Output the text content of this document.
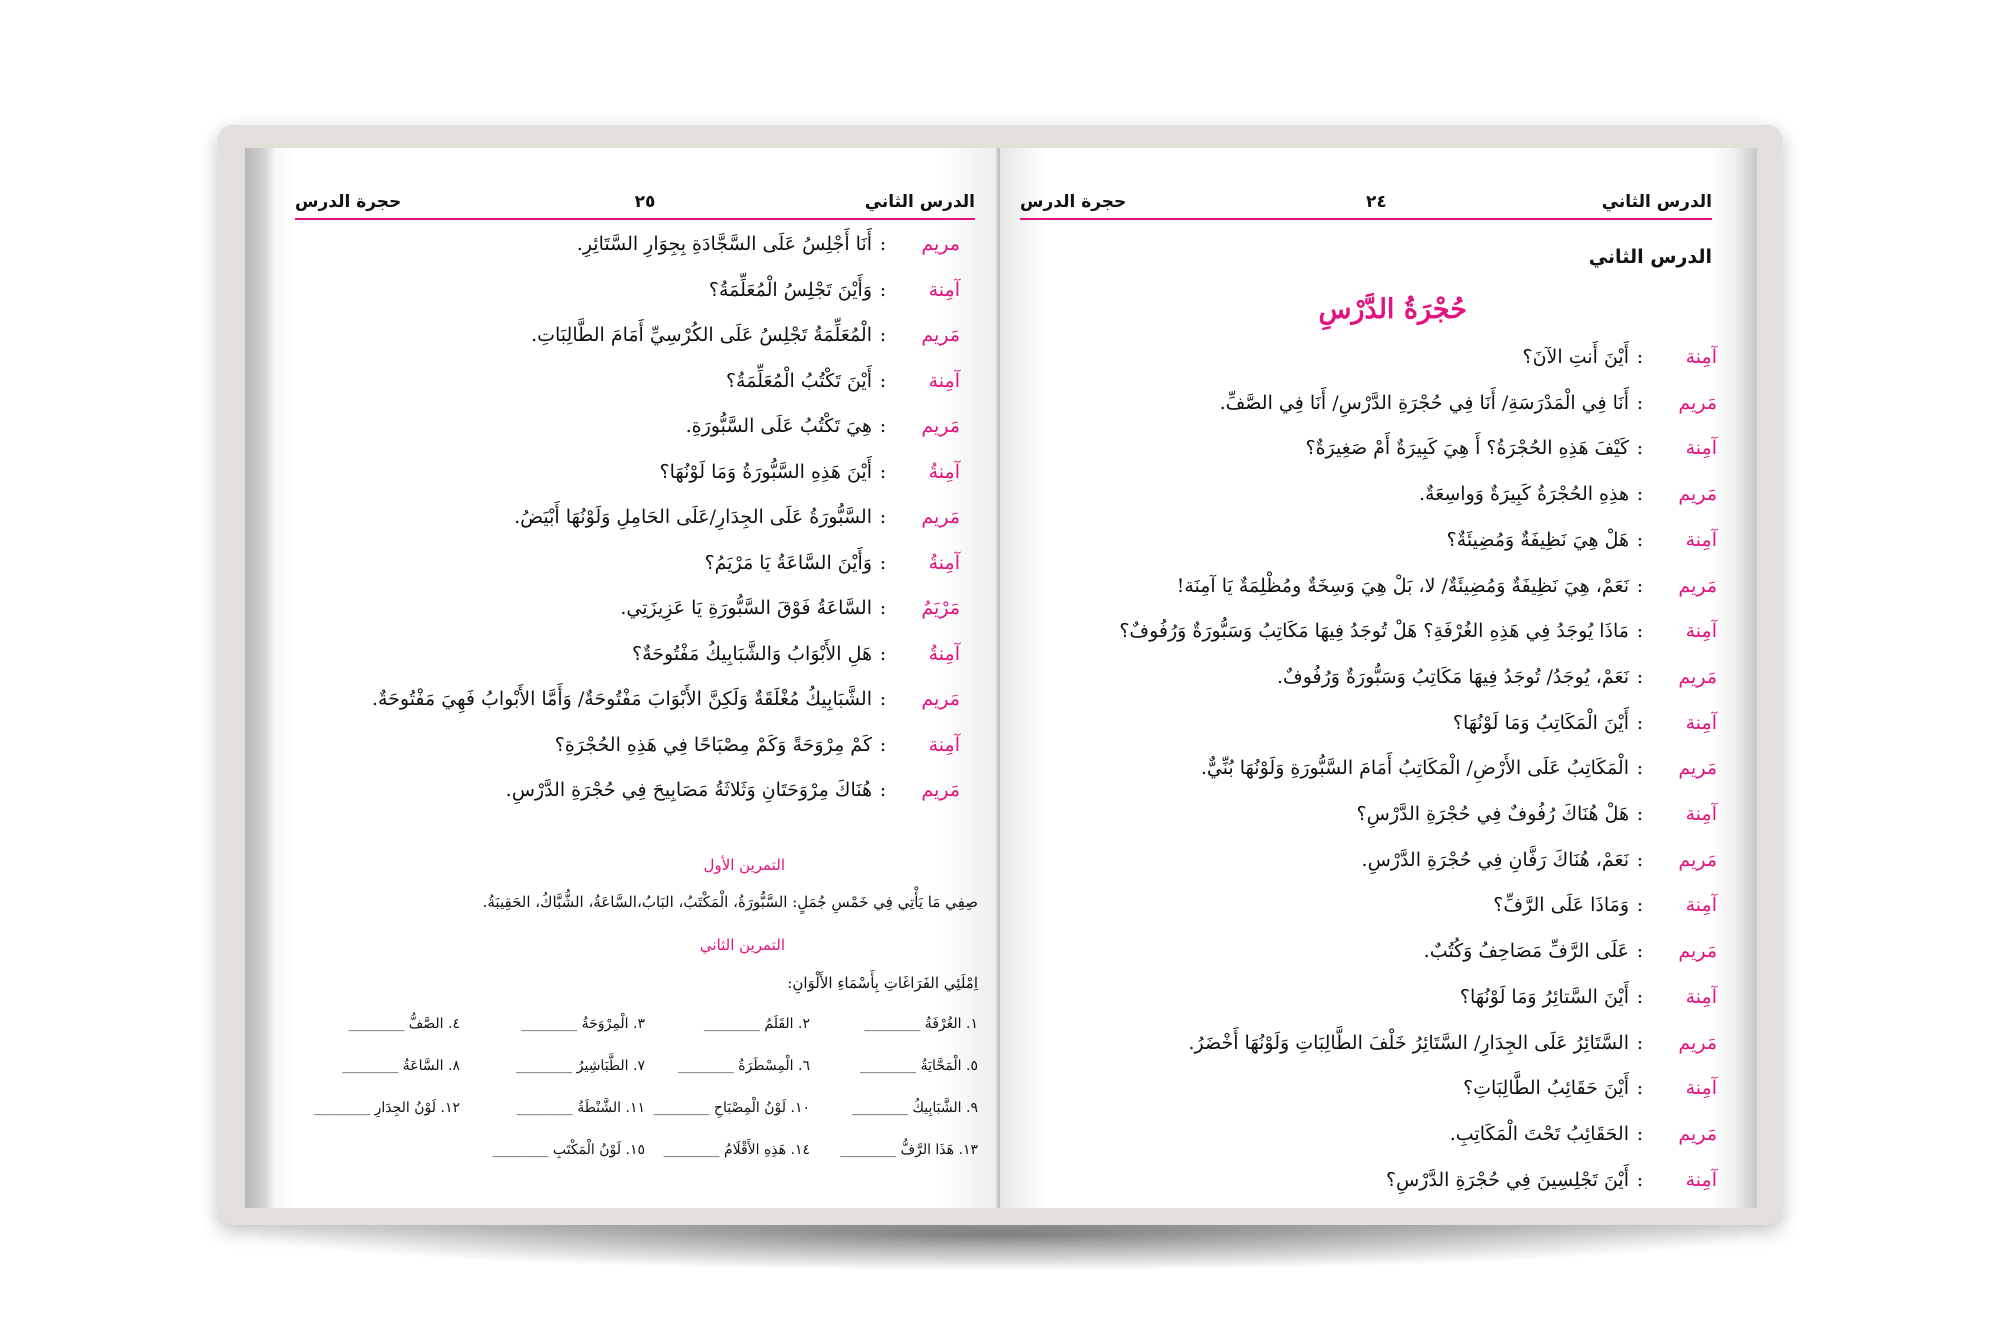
الدرس الثاني
٢٥
حجرة الدرس
مريم:أَنَا أَجْلِسُ عَلَى السَّجَّادَةِ بِجِوَارِ السَّتَائِرِ.
آمِنة:وَأَيْنَ تَجْلِسُ الْمُعَلِّمَةُ؟
مَريم:الْمُعَلِّمَةُ تَجْلِسُ عَلَى الكُرْسِيِّ أَمَامَ الطَّالِبَاتِ.
آمِنة:أَيْنَ تَكْتُبُ الْمُعَلِّمَةُ؟
مَريم:هِيَ تَكْتُبُ عَلَى السَّبُّورَةِ.
آمِنةُ:أَيْنَ هَذِهِ السَّبُّورَةُ وَمَا لَوْنُهَا؟
مَريم:السَّبُّورَةُ عَلَى الجِدَارِ/عَلَى الحَامِلِ وَلَوْنُهَا أَبْيَضُ.
آمِنةُ:وَأَيْنَ السَّاعَةُ يَا مَرْيَمُ؟
مَرْيَمُ:السَّاعَةُ فَوْقَ السَّبُّورَةِ يَا عَزِيزَتِي.
آمِنةُ:هَلِ الأَبْوَابُ وَالشَّبَابِيكُ مَفْتُوحَةٌ؟
مَريم:الشَّبَابِيكُ مُغْلَقَةٌ وَلَكِنَّ الأَبْوَابَ مَفْتُوحَةٌ/ وَأَمَّا الأَبْوابُ فَهِيَ مَفْتُوحَةٌ.
آمِنة:كَمْ مِرْوَحَةً وَكَمْ مِصْبَاحًا فِي هَذِهِ الحُجْرَةِ؟
مَريم:هُنَاكَ مِرْوَحَتَانِ وَثَلاثَةُ مَصَابِيحَ فِي حُجْرَةِ الدَّرْسِ.
التمرين الأول
صِفِي مَا يَأْتِي فِي خَمْسِ جُمَلٍ: السَّبُّورَةُ، الْمَكْتَبُ، البَابُ،السَّاعَةُ، الشُّبَّاكُ، الحَقِيبَةُ.
التمرين الثاني
اِمْلَئِي الفَرَاغَاتِ بِأَسْمَاءِ الأَلْوَانِ:
١. الغُرْفَةُ ________
٢. القَلَمُ ________
٣. الْمِرْوَحَةُ ________
٤. الصَّفُّ ________
٥. الْمَحَّايَةُ ________
٦. الْمِسْطَرَةُ ________
٧. الطَّبَاشِيرُ ________
٨. السَّاعَةُ ________
٩. الشَّبَابِيكُ ________
١٠. لَوْنُ الْمِصْبَاحِ ________
١١. الشَّنْطَةُ ________
١٢. لَوْنُ الجِدَارِ ________
١٣. هَذَا الرَّفُّ ________
١٤. هَذِهِ الأَقْلَامُ ________
١٥. لَوْنُ الْمَكْتَبِ ________
الدرس الثاني
٢٤
حجرة الدرس
الدرس الثاني
حُجْرَةُ الدَّرْسِ
آمِنة:أَيْنَ أَنتِ الآنَ؟
مَريم:أَنَا فِي الْمَدْرَسَةِ/ أَنَا فِي حُجْرَةِ الدَّرْسِ/ أَنَا فِي الصَّفِّ.
آمِنة:كَيْفَ هَذِهِ الحُجْرَةُ؟ أَ هِيَ كَبِيرَةٌ أَمْ صَغِيرَةٌ؟
مَريم:هذِهِ الحُجْرَةُ كَبِيرَةٌ وَواسِعَةٌ.
آمِنة:هَلْ هِيَ نَظِيفَةٌ وَمُضِيئَةٌ؟
مَريم:نَعَمْ، هِيَ نَظِيفَةٌ وَمُضِيئَةٌ/ لا، بَلْ هِيَ وَسِخَةٌ ومُظْلِمَةٌ يَا آمِنَة!
آمِنة:مَاذَا يُوجَدُ فِي هَذِهِ الغُرْفَةِ؟ هَلْ تُوجَدُ فِيهَا مَكَاتِبُ وَسَبُّورَةٌ وَرُفُوفٌ؟
مَريم:نَعَمْ، يُوجَدُ/ تُوجَدُ فِيهَا مَكَاتِبُ وَسَبُّورَةٌ وَرُفُوفٌ.
آمِنة:أَيْنَ الْمَكَاتِبُ وَمَا لَوْنُهَا؟
مَريم:الْمَكَاتِبُ عَلَى الأَرْضِ/ الْمَكَاتِبُ أَمَامَ السَّبُّورَةِ وَلَوْنُهَا بُنِّيٌّ.
آمِنة:هَلْ هُنَاكَ رُفُوفٌ فِي حُجْرَةِ الدَّرْسِ؟
مَريم:نَعَمْ، هُنَاكَ رَفَّانِ فِي حُجْرَةِ الدَّرْسِ.
آمِنة:وَمَاذَا عَلَى الرَّفِّ؟
مَريم:عَلَى الرَّفِّ مَصَاحِفُ وَكُتُبٌ.
آمِنة:أَيْنَ السَّتائِرُ وَمَا لَوْنُهَا؟
مَريم:السَّتَائِرُ عَلَى الجِدَارِ/ السَّتَائِرُ خَلْفَ الطَّالِبَاتِ وَلَوْنُهَا أَخْضَرُ.
آمِنة:أَيْنَ حَقَائِبُ الطَّالِبَاتِ؟
مَريم:الحَقَائِبُ تَحْتَ الْمَكَاتِبِ.
آمِنة:أَيْنَ تَجْلِسِينَ فِي حُجْرَةِ الدَّرْسِ؟
